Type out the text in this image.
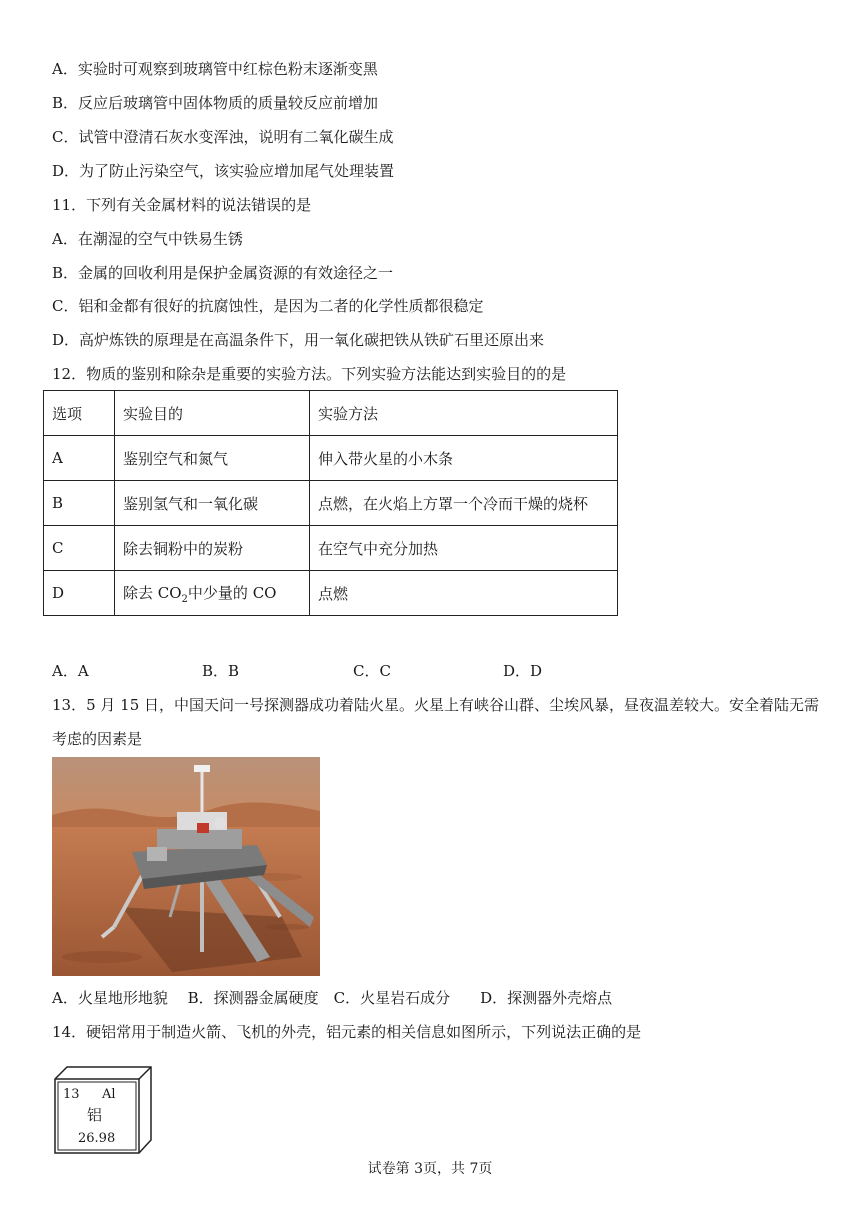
A．实验时可观察到玻璃管中红棕色粉末逐渐变黑
B．反应后玻璃管中固体物质的质量较反应前增加
C．试管中澄清石灰水变浑浊，说明有二氧化碳生成
D．为了防止污染空气，该实验应增加尾气处理装置
11．下列有关金属材料的说法错误的是
A．在潮湿的空气中铁易生锈
B．金属的回收利用是保护金属资源的有效途径之一
C．铝和金都有很好的抗腐蚀性，是因为二者的化学性质都很稳定
D．高炉炼铁的原理是在高温条件下，用一氧化碳把铁从铁矿石里还原出来
12．物质的鉴别和除杂是重要的实验方法。下列实验方法能达到实验目的的是
选项	实验目的	实验方法
A	鉴别空气和氮气	伸入带火星的小木条
B	鉴别氢气和一氧化碳	点燃，在火焰上方罩一个冷而干燥的烧杯
C	除去铜粉中的炭粉	在空气中充分加热
D	除去 $CO_2$中少量的 CO	点燃
A．A	B．B	C．C	D．D
13．5 月 15 日，中国天问一号探测器成功着陆火星。火星上有峡谷山群、尘埃风暴，昼夜温差较大。安全着陆无需
考虑的因素是
A．火星地形地貌　 B．探测器金属硬度　C．火星岩石成分　　D．探测器外壳熔点
14．硬铝常用于制造火箭、飞机的外壳，铝元素的相关信息如图所示，下列说法正确的是
13 Al
铝
26.98
试卷第 3页，共 7页
